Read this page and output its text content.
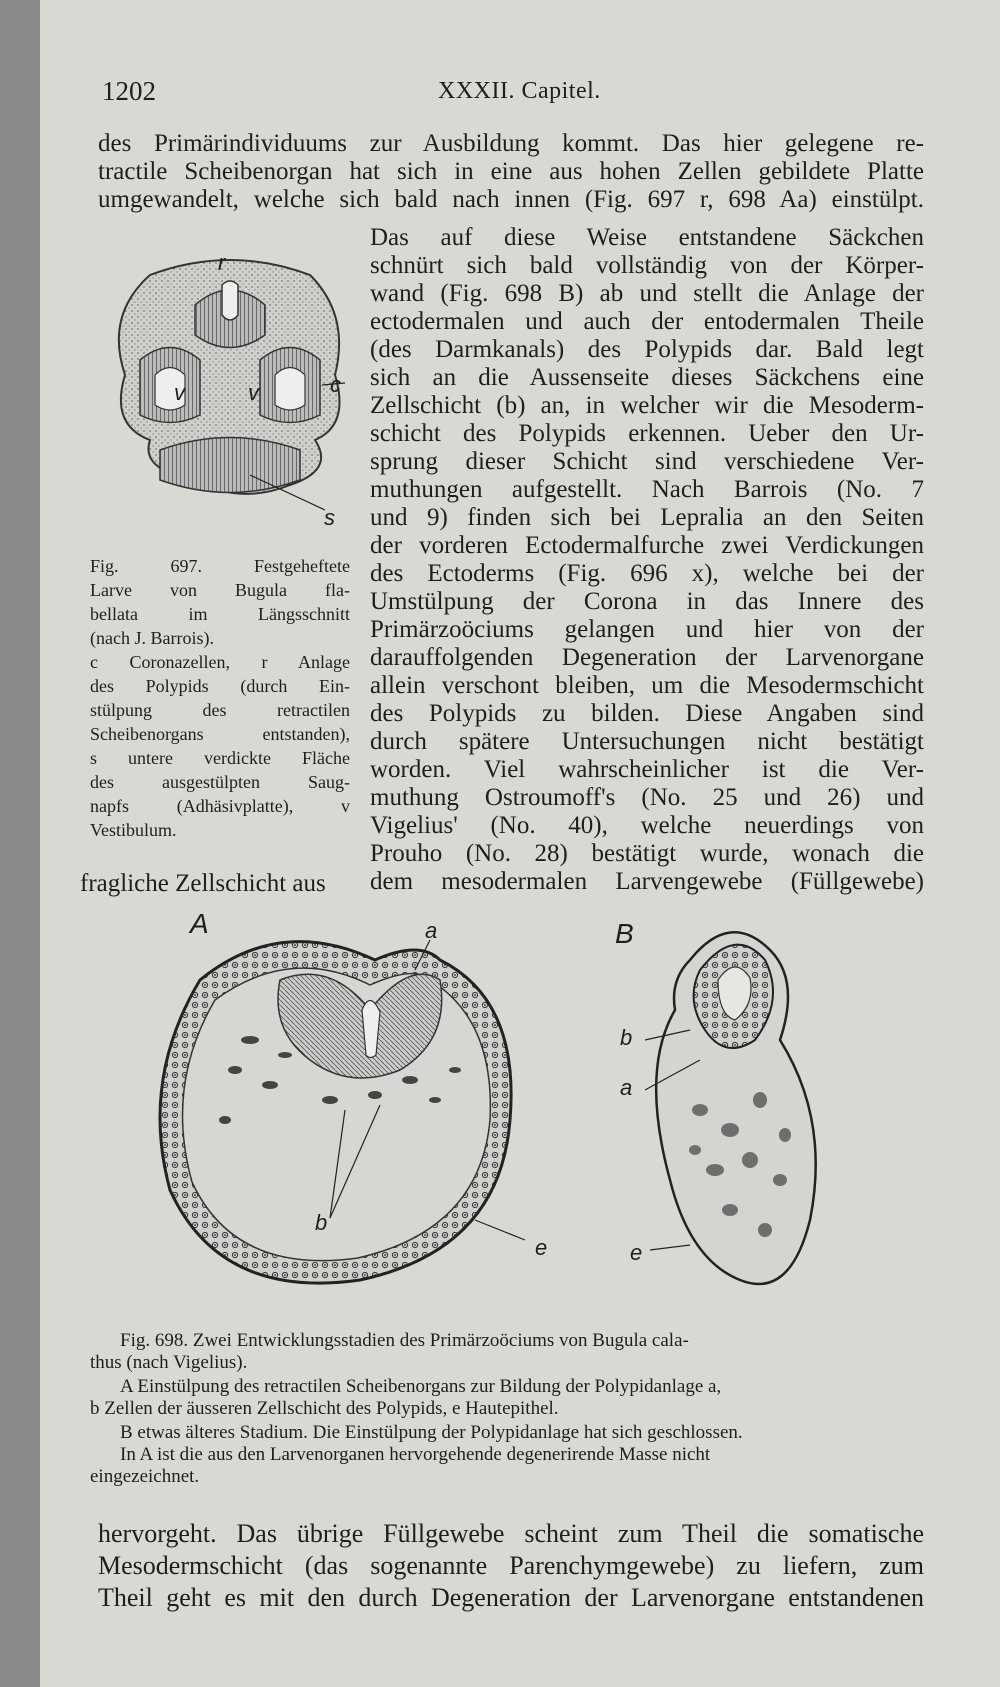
1202	XXXII. Capitel.
des Primärindividuums zur Ausbildung kommt. Das hier gelegene re-
tractile Scheibenorgan hat sich in eine aus hohen Zellen gebildete Platte
umgewandelt, welche sich bald nach innen (Fig. 697 r, 698 Aa) einstülpt.
r
v	v	c
s
Fig. 697. Festgeheftete
Larve von Bugula fla-
bellata im Längsschnitt
(nach J. Barrois).
c Coronazellen, r Anlage
des Polypids (durch Ein-
stülpung des retractilen
Scheibenorgans entstanden),
s untere verdickte Fläche
des ausgestülpten Saug-
napfs (Adhäsivplatte), v
Vestibulum.
Das auf diese Weise entstandene Säckchen
schnürt sich bald vollständig von der Körper-
wand (Fig. 698 B) ab und stellt die Anlage der
ectodermalen und auch der entodermalen Theile
(des Darmkanals) des Polypids dar. Bald legt
sich an die Aussenseite dieses Säckchens eine
Zellschicht (b) an, in welcher wir die Mesoderm-
schicht des Polypids erkennen. Ueber den Ur-
sprung dieser Schicht sind verschiedene Ver-
muthungen aufgestellt. Nach Barrois (No. 7
und 9) finden sich bei Lepralia an den Seiten
der vorderen Ectodermalfurche zwei Verdickungen
des Ectoderms (Fig. 696 x), welche bei der
Umstülpung der Corona in das Innere des
Primärzoöciums gelangen und hier von der
darauffolgenden Degeneration der Larvenorgane
allein verschont bleiben, um die Mesodermschicht
des Polypids zu bilden. Diese Angaben sind
durch spätere Untersuchungen nicht bestätigt
worden. Viel wahrscheinlicher ist die Ver-
muthung Ostroumoff's (No. 25 und 26) und
Vigelius' (No. 40), welche neuerdings von
Prouho (No. 28) bestätigt wurde, wonach die
fragliche Zellschicht aus dem mesodermalen Larvengewebe (Füllgewebe)
A	a
b
e
B
b
a
e
Fig. 698. Zwei Entwicklungsstadien des Primärzoöciums von Bugula cala-
thus (nach Vigelius).
A Einstülpung des retractilen Scheibenorgans zur Bildung der Polypidanlage a,
b Zellen der äusseren Zellschicht des Polypids, e Hautepithel.
B etwas älteres Stadium. Die Einstülpung der Polypidanlage hat sich geschlossen.
In A ist die aus den Larvenorganen hervorgehende degenerirende Masse nicht
eingezeichnet.
hervorgeht. Das übrige Füllgewebe scheint zum Theil die somatische
Mesodermschicht (das sogenannte Parenchymgewebe) zu liefern, zum
Theil geht es mit den durch Degeneration der Larvenorgane entstandenen
